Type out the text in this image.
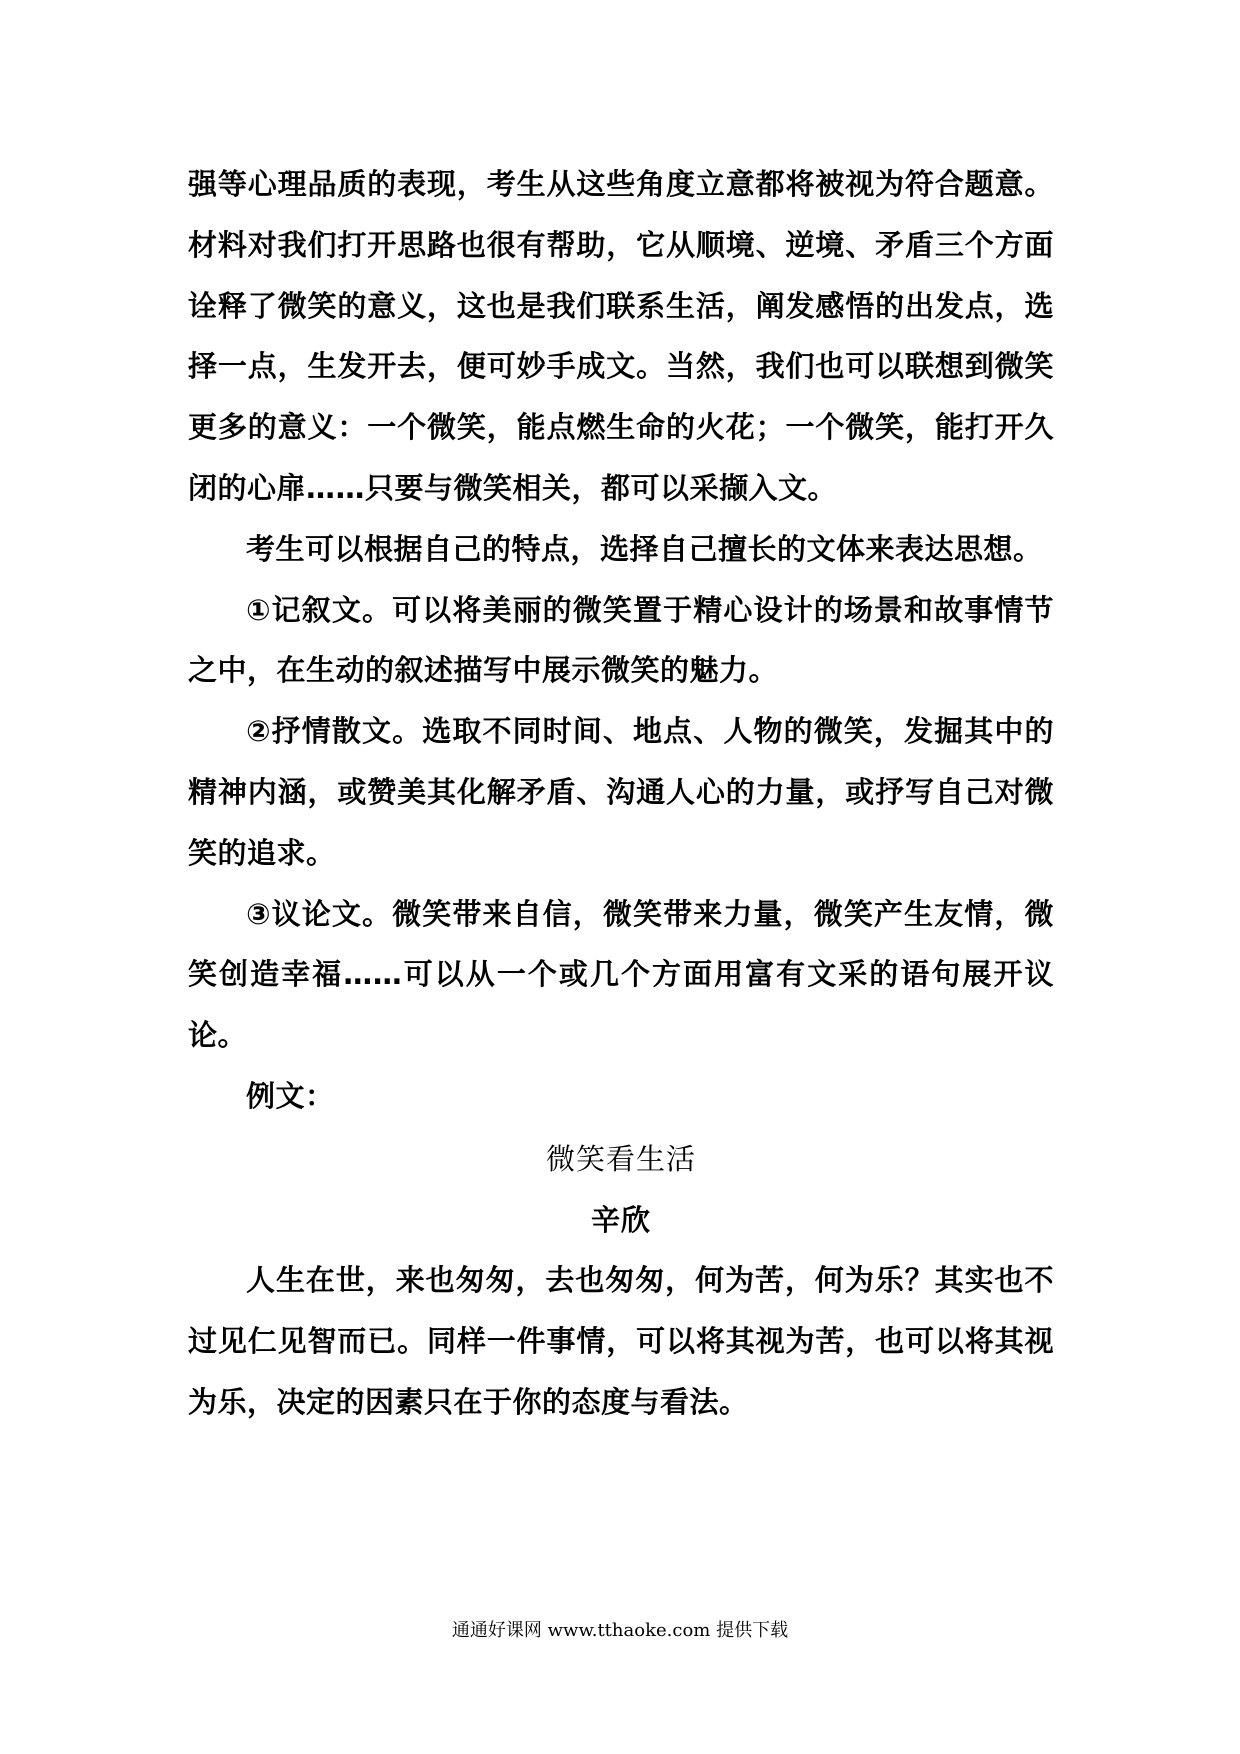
强等心理品质的表现，考生从这些角度立意都将被视为符合题意。材料对我们打开思路也很有帮助，它从顺境、逆境、矛盾三个方面诠释了微笑的意义，这也是我们联系生活，阐发感悟的出发点，选择一点，生发开去，便可妙手成文。当然，我们也可以联想到微笑更多的意义：一个微笑，能点燃生命的火花；一个微笑，能打开久闭的心扉……只要与微笑相关，都可以采撷入文。

考生可以根据自己的特点，选择自己擅长的文体来表达思想。

①记叙文。可以将美丽的微笑置于精心设计的场景和故事情节之中，在生动的叙述描写中展示微笑的魅力。

②抒情散文。选取不同时间、地点、人物的微笑，发掘其中的精神内涵，或赞美其化解矛盾、沟通人心的力量，或抒写自己对微笑的追求。

③议论文。微笑带来自信，微笑带来力量，微笑产生友情，微笑创造幸福……可以从一个或几个方面用富有文采的语句展开议论。

例文：

微笑看生活

辛欣

人生在世，来也匆匆，去也匆匆，何为苦，何为乐？其实也不过见仁见智而已。同样一件事情，可以将其视为苦，也可以将其视为乐，决定的因素只在于你的态度与看法。

通通好课网 www.tthaoke.com 提供下载
